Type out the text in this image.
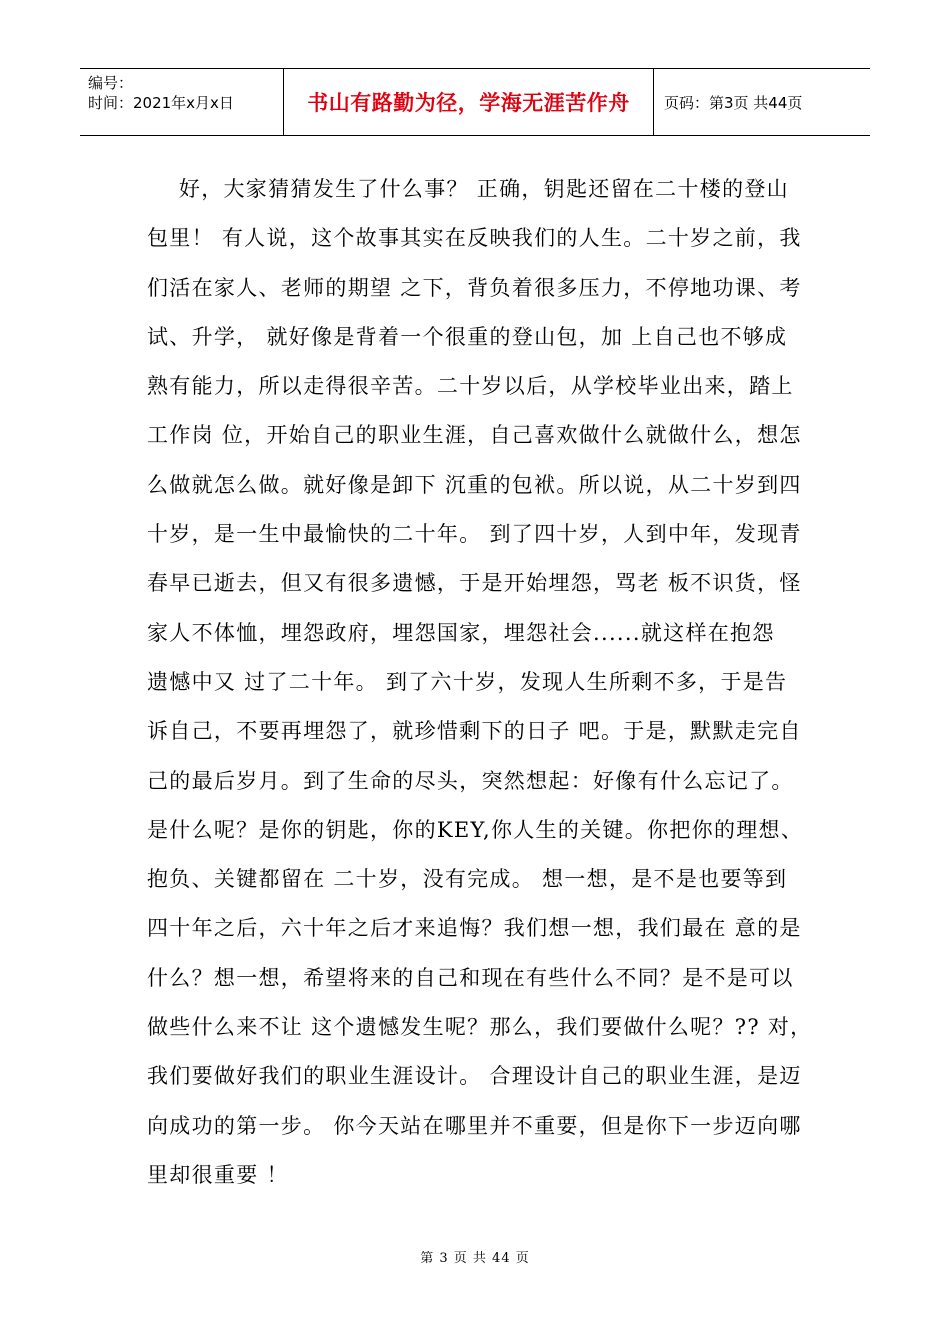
编号：
时间：2021年x月x日	书山有路勤为径，学海无涯苦作舟	页码：第3页 共44页
好，大家猜猜发生了什么事？ 正确，钥匙还留在二十楼的登山
包里！ 有人说，这个故事其实在反映我们的人生。二十岁之前，我
们活在家人、老师的期望 之下，背负着很多压力，不停地功课、考
试、升学， 就好像是背着一个很重的登山包，加 上自己也不够成
熟有能力，所以走得很辛苦。二十岁以后，从学校毕业出来，踏上
工作岗 位，开始自己的职业生涯，自己喜欢做什么就做什么，想怎
么做就怎么做。就好像是卸下 沉重的包袱。所以说，从二十岁到四
十岁，是一生中最愉快的二十年。 到了四十岁，人到中年，发现青
春早已逝去，但又有很多遗憾，于是开始埋怨，骂老 板不识货，怪
家人不体恤，埋怨政府，埋怨国家，埋怨社会......就这样在抱怨
遗憾中又 过了二十年。 到了六十岁，发现人生所剩不多，于是告
诉自己，不要再埋怨了，就珍惜剩下的日子 吧。于是，默默走完自
己的最后岁月。到了生命的尽头，突然想起：好像有什么忘记了。
是什么呢？是你的钥匙，你的KEY,你人生的关键。你把你的理想、
抱负、关键都留在 二十岁，没有完成。 想一想，是不是也要等到
四十年之后，六十年之后才来追悔？我们想一想，我们最在 意的是
什么？想一想，希望将来的自己和现在有些什么不同？是不是可以
做些什么来不让 这个遗憾发生呢？那么，我们要做什么呢？?? 对，
我们要做好我们的职业生涯设计。 合理设计自己的职业生涯，是迈
向成功的第一步。 你今天站在哪里并不重要，但是你下一步迈向哪
里却很重要 ！
第 3 页 共 44 页
